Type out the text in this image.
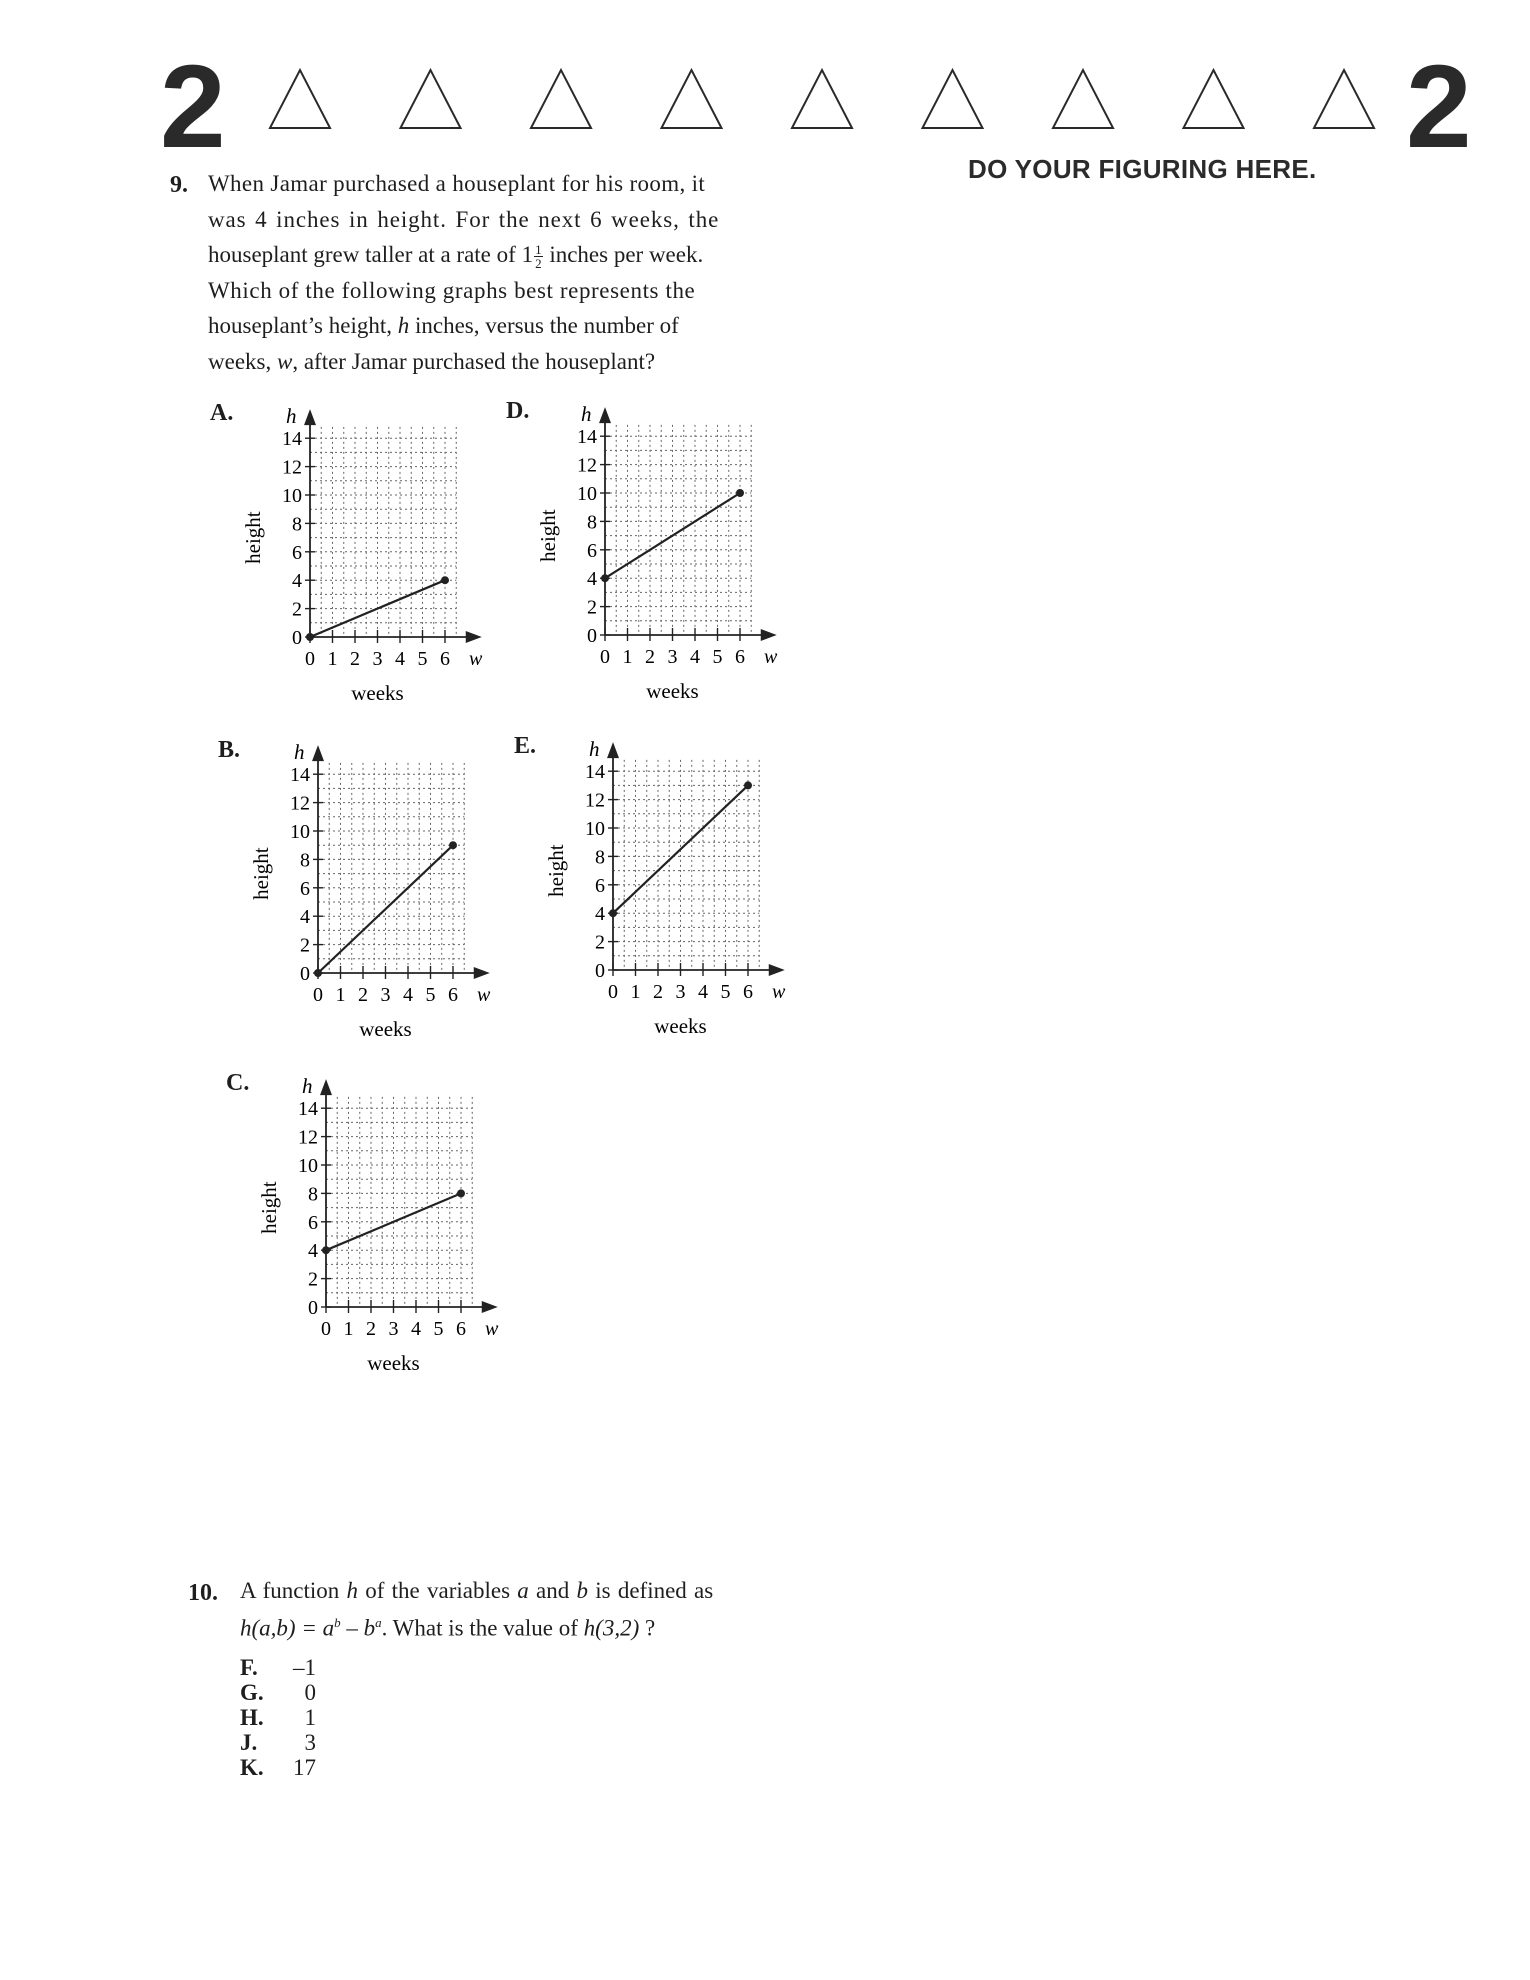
2	2
DO YOUR FIGURING HERE.
9. When Jamar purchased a houseplant for his room, it
was 4 inches in height. For the next 6 weeks, the
houseplant grew taller at a rate of $1 \frac{1}{2}$ inches per week.
Which of the following graphs best represents the
houseplant’s height, h inches, versus the number of
weeks, w, after Jamar purchased the houseplant?
A.	D.
B.	E.
C.
0
2
4
6
8
10
12
14
0 1 2 3 4 5 6
h
w
height
weeks
0
2
4
6
8
10
12
14
0 1 2 3 4 5 6
h
w
height
weeks
0
2
4
6
8
10
12
14
0 1 2 3 4 5 6
h
w
height
weeks
0
2
4
6
8
10
12
14
0 1 2 3 4 5 6
h
w
height
weeks
0
2
4
6
8
10
12
14
0 1 2 3 4 5 6
h
w
height
weeks
10. A function h of the variables a and b is defined as
$h(a,b) = a^b - b^a$. What is the value of h(3,2) ?
F.	–1
G.	0
H.	1
J.	3
K.	17
